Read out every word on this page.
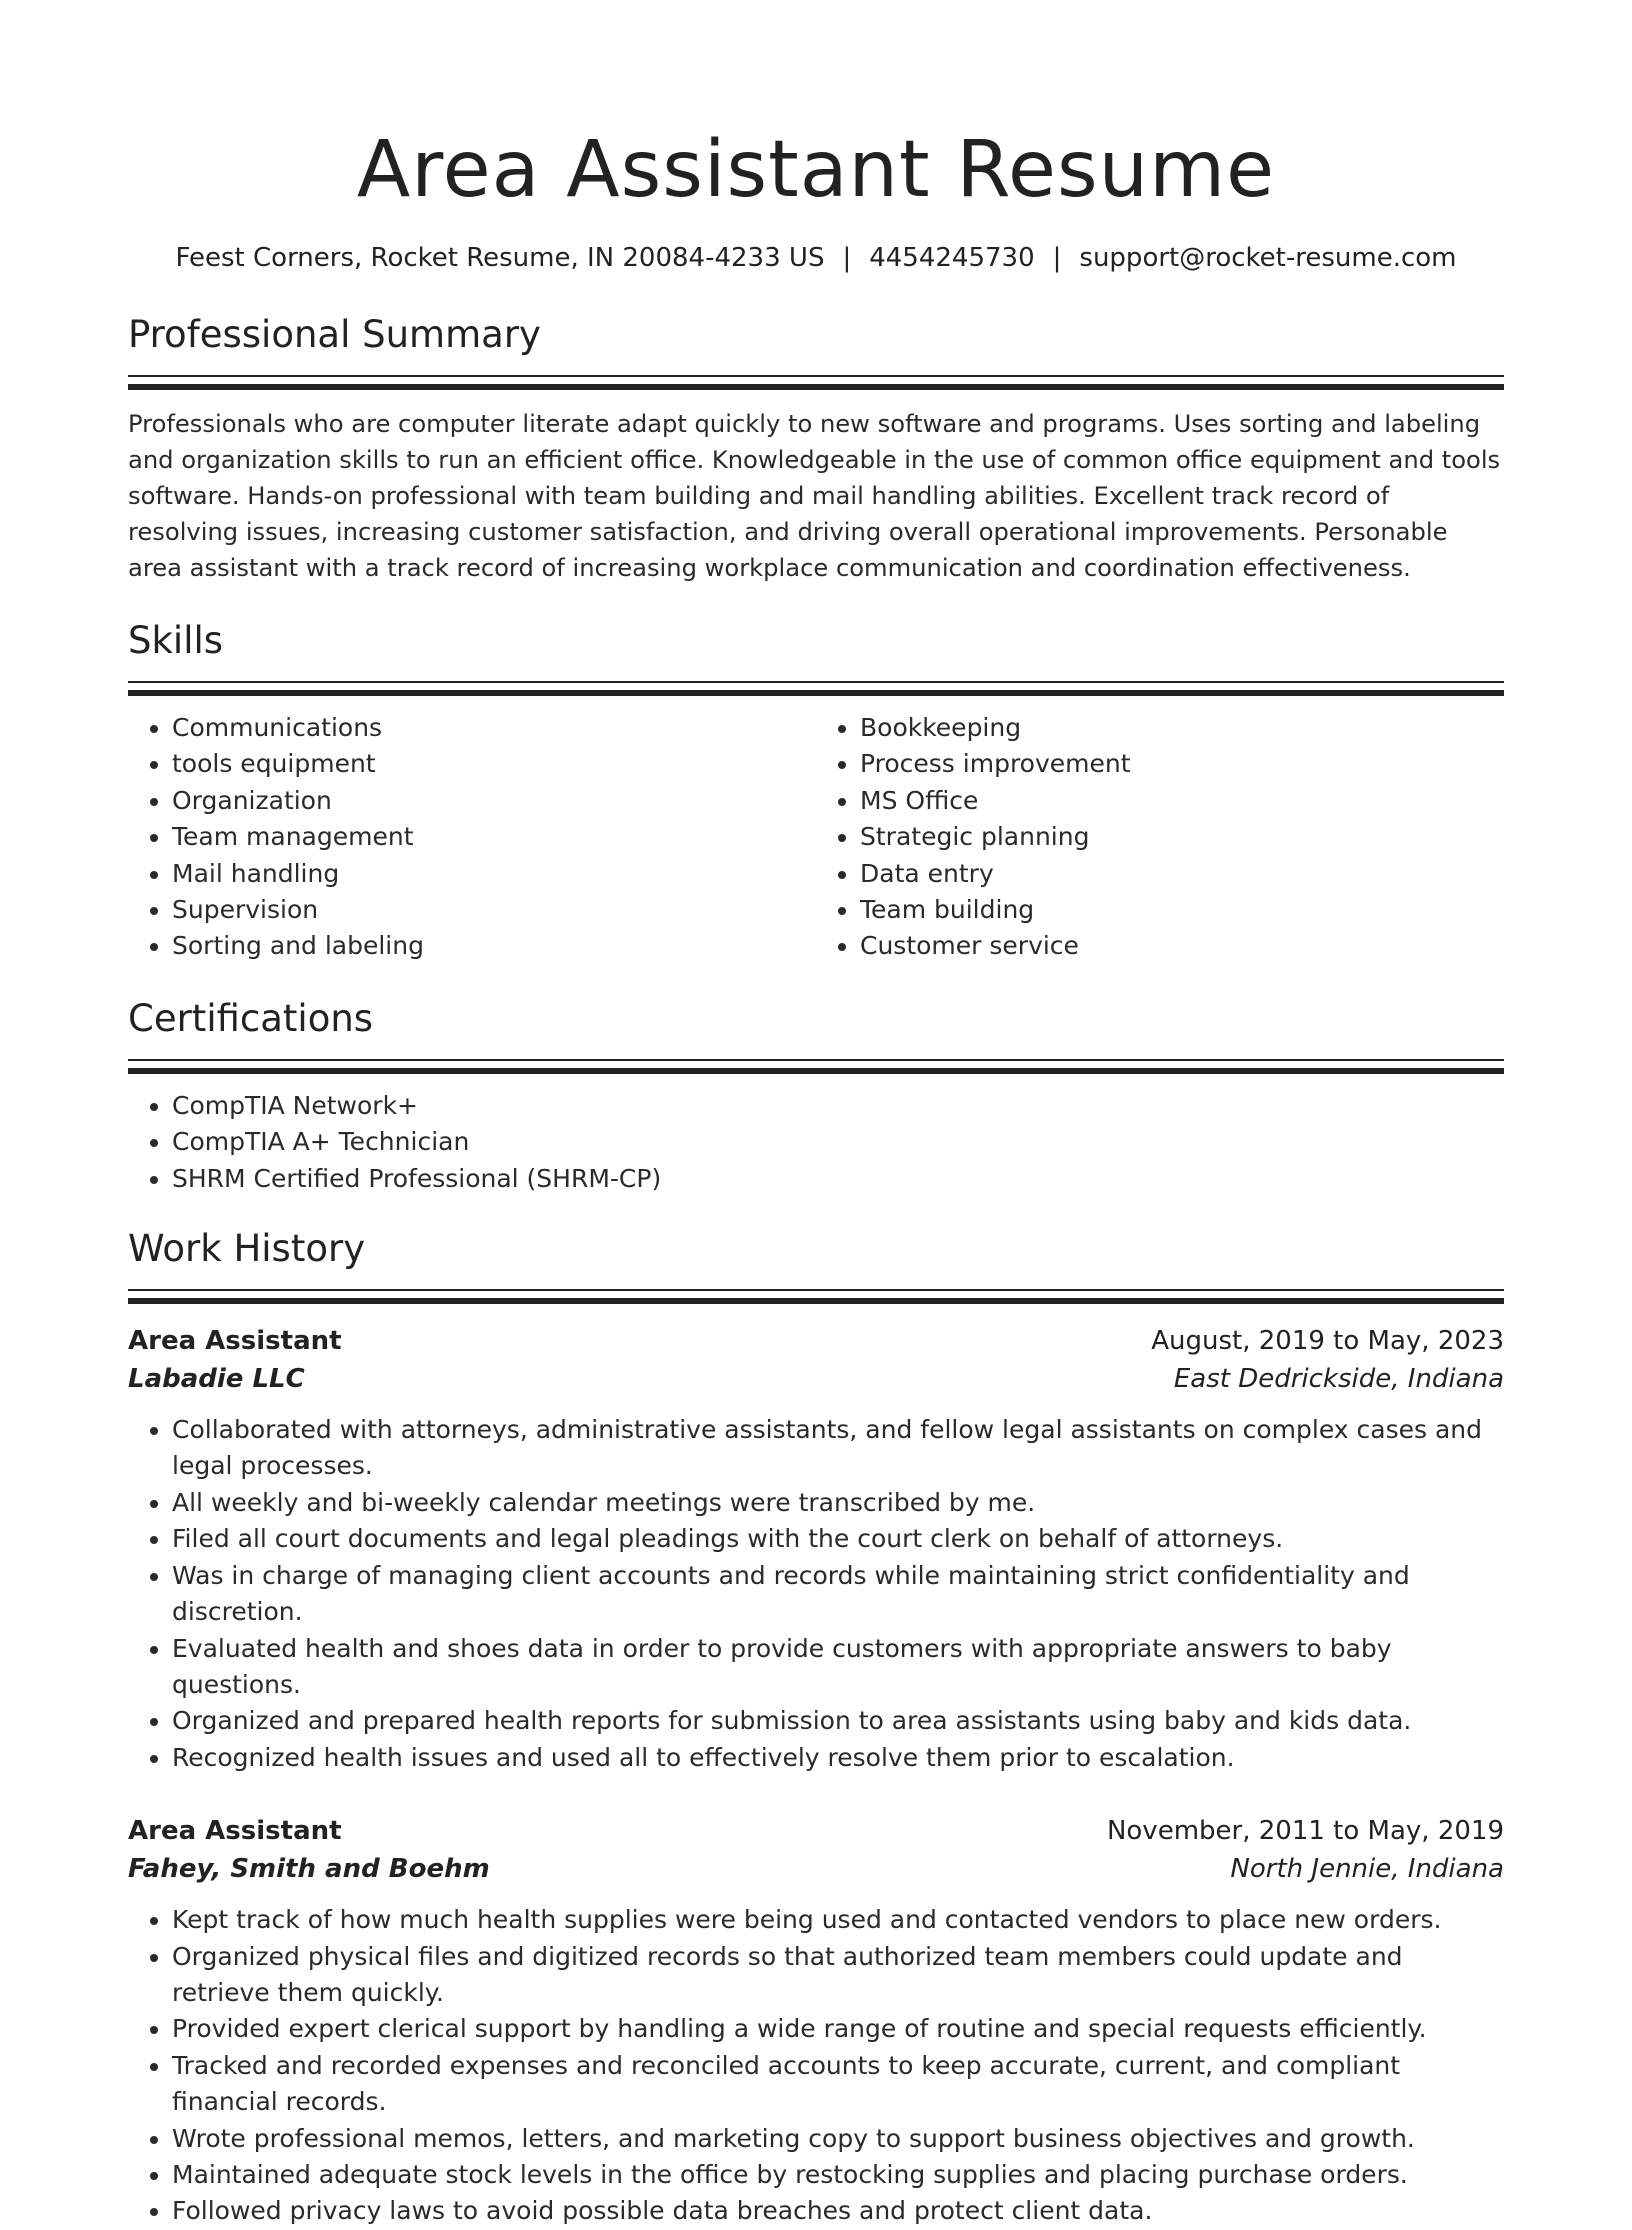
Area Assistant Resume
Feest Corners, Rocket Resume, IN 20084-4233 US | 4454245730 | support@rocket-resume.com
Professional Summary

Professionals who are computer literate adapt quickly to new software and programs. Uses sorting and labeling and organization skills to run an efficient office. Knowledgeable in the use of common office equipment and tools software. Hands-on professional with team building and mail handling abilities. Excellent track record of resolving issues, increasing customer satisfaction, and driving overall operational improvements. Personable area assistant with a track record of increasing workplace communication and coordination effectiveness.

Skills
• Communications
• tools equipment
• Organization
• Team management
• Mail handling
• Supervision
• Sorting and labeling
• Bookkeeping
• Process improvement
• MS Office
• Strategic planning
• Data entry
• Team building
• Customer service
Certifications
• CompTIA Network+
• CompTIA A+ Technician
• SHRM Certified Professional (SHRM-CP)
Work History
Area Assistant	August, 2019 to May, 2023
Labadie LLC	East Dedrickside, Indiana
• Collaborated with attorneys, administrative assistants, and fellow legal assistants on complex cases and legal processes.
• All weekly and bi-weekly calendar meetings were transcribed by me.
• Filed all court documents and legal pleadings with the court clerk on behalf of attorneys.
• Was in charge of managing client accounts and records while maintaining strict confidentiality and discretion.
• Evaluated health and shoes data in order to provide customers with appropriate answers to baby questions.
• Organized and prepared health reports for submission to area assistants using baby and kids data.
• Recognized health issues and used all to effectively resolve them prior to escalation.
Area Assistant	November, 2011 to May, 2019
Fahey, Smith and Boehm	North Jennie, Indiana
• Kept track of how much health supplies were being used and contacted vendors to place new orders.
• Organized physical files and digitized records so that authorized team members could update and retrieve them quickly.
• Provided expert clerical support by handling a wide range of routine and special requests efficiently.
• Tracked and recorded expenses and reconciled accounts to keep accurate, current, and compliant financial records.
• Wrote professional memos, letters, and marketing copy to support business objectives and growth.
• Maintained adequate stock levels in the office by restocking supplies and placing purchase orders.
• Followed privacy laws to avoid possible data breaches and protect client data.
